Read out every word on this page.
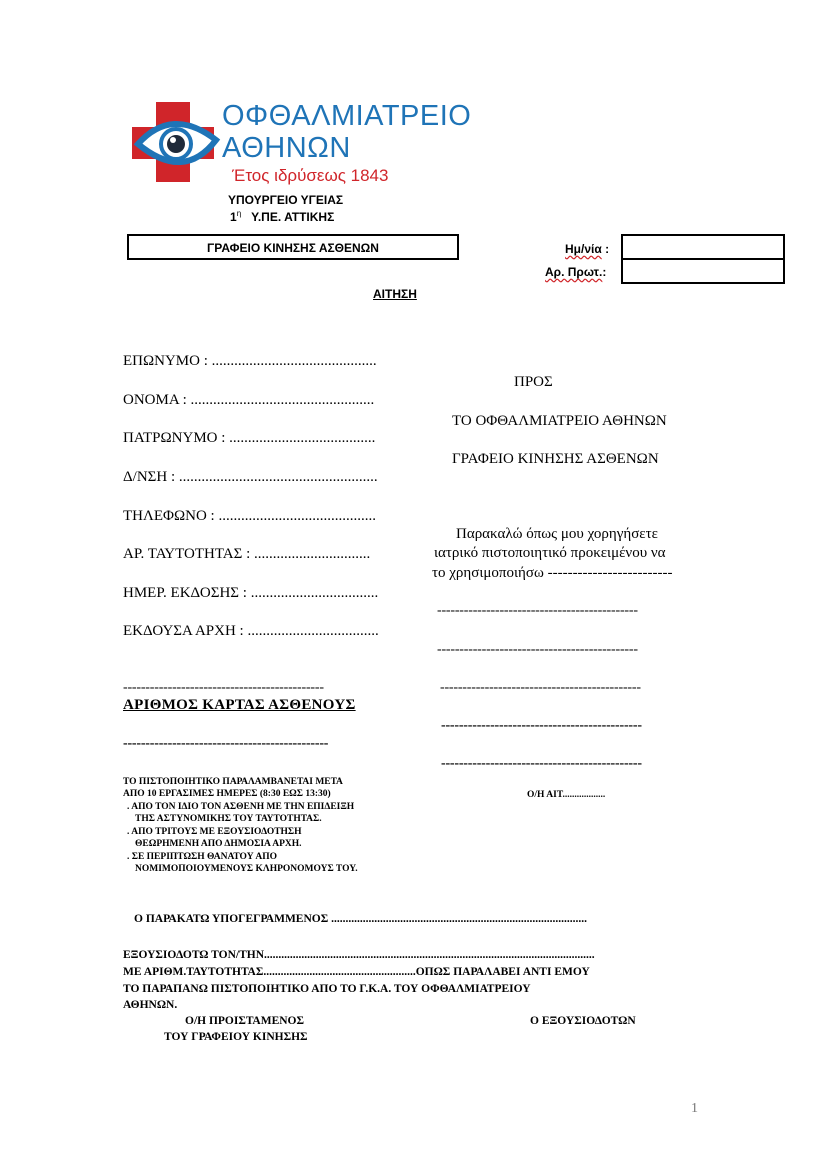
ΟΦΘΑΛΜΙΑΤΡΕΙΟ
ΑΘΗΝΩΝ
Έτος ιδρύσεως 1843
ΥΠΟΥΡΓΕΙΟ ΥΓΕΙΑΣ
$1^\eta$ Υ.ΠΕ. ΑΤΤΙΚΗΣ
ΓΡΑΦΕΙΟ ΚΙΝΗΣΗΣ ΑΣΘΕΝΩΝ	Ημ/νία :
Αρ. Πρωτ.:
ΑΙΤΗΣΗ
ΕΠΩΝΥΜΟ : ............................................
ΟΝΟΜΑ : .................................................
ΠΑΤΡΩΝΥΜΟ : .......................................
Δ/ΝΣΗ : .....................................................
ΤΗΛΕΦΩΝΟ : ..........................................
ΑΡ. ΤΑΥΤΟΤΗΤΑΣ : ...............................
ΗΜΕΡ. ΕΚΔΟΣΗΣ : ..................................
ΕΚΔΟΥΣΑ ΑΡΧΗ : ...................................
---------------------------------------------
ΑΡΙΘΜΟΣ ΚΑΡΤΑΣ ΑΣΘΕΝΟΥΣ
----------------------------------------------
ΠΡΟΣ
ΤΟ ΟΦΘΑΛΜΙΑΤΡΕΙΟ ΑΘΗΝΩΝ
ΓΡΑΦΕΙΟ ΚΙΝΗΣΗΣ ΑΣΘΕΝΩΝ
Παρακαλώ όπως μου χορηγήσετε
ιατρικό πιστοποιητικό προκειμένου να
το χρησιμοποιήσω -------------------------
---------------------------------------------
---------------------------------------------
---------------------------------------------
---------------------------------------------
---------------------------------------------
ΤΟ ΠΙΣΤΟΠΟΙΗΤΙΚΟ ΠΑΡΑΛΑΜΒΑΝΕΤΑΙ ΜΕΤΑ
ΑΠΟ 10 ΕΡΓΑΣΙΜΕΣ ΗΜΕΡΕΣ (8:30 ΕΩΣ 13:30)
. ΑΠΟ ΤΟΝ ΙΔΙΟ ΤΟΝ ΑΣΘΕΝΗ ΜΕ ΤΗΝ ΕΠΙΔΕΙΞΗ
ΤΗΣ ΑΣΤΥΝΟΜΙΚΗΣ ΤΟΥ ΤΑΥΤΟΤΗΤΑΣ.
. ΑΠΟ ΤΡΙΤΟΥΣ ΜΕ ΕΞΟΥΣΙΟΔΟΤΗΣΗ
ΘΕΩΡΗΜΕΝΗ ΑΠΟ ΔΗΜΟΣΙΑ ΑΡΧΗ.
. ΣΕ ΠΕΡΙΠΤΩΣΗ ΘΑΝΑΤΟΥ ΑΠΟ
ΝΟΜΙΜΟΠΟΙΟΥΜΕΝΟΥΣ ΚΛΗΡΟΝΟΜΟΥΣ ΤΟΥ.
Ο/Η ΑΙΤ..................
Ο ΠΑΡΑΚΑΤΩ ΥΠΟΓΕΓΡΑΜΜΕΝΟΣ .........................................................................................
ΕΞΟΥΣΙΟΔΟΤΩ ΤΟΝ/ΤΗΝ...................................................................................................................
ΜΕ ΑΡΙΘΜ.ΤΑΥΤΟΤΗΤΑΣ.....................................................ΟΠΩΣ ΠΑΡΑΛΑΒΕΙ ΑΝΤΙ ΕΜΟΥ
ΤΟ ΠΑΡΑΠΑΝΩ ΠΙΣΤΟΠΟΙΗΤΙΚΟ ΑΠΟ ΤΟ Γ.Κ.Α. ΤΟΥ ΟΦΘΑΛΜΙΑΤΡΕΙΟΥ
ΑΘΗΝΩΝ.
Ο/Η ΠΡΟΙΣΤΑΜΕΝΟΣ
ΤΟΥ ΓΡΑΦΕΙΟΥ ΚΙΝΗΣΗΣ
Ο ΕΞΟΥΣΙΟΔΟΤΩΝ
1
